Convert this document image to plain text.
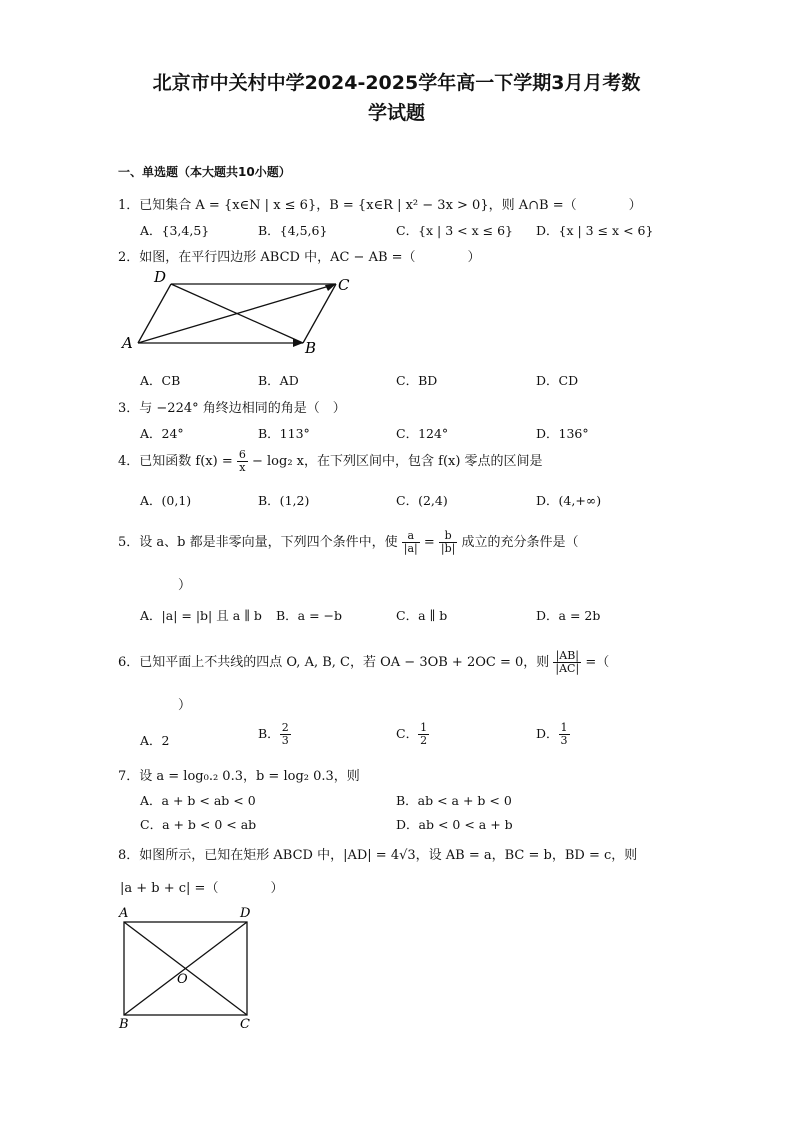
北京市中关村中学2024-2025学年高一下学期3月月考数
学试题
一、单选题（本大题共10小题）
1．已知集合 A = {x∈N | x ≤ 6}，B = {x∈R | x² − 3x > 0}，则 A∩B =（　　　　）
A．{3,4,5}	B．{4,5,6}	C．{x | 3 < x ≤ 6} D．{x | 3 ≤ x < 6}
2．如图，在平行四边形 ABCD 中，AC − AB =（　　　　）
D	C
A	B
A．CB	B．AD	C．BD	D．CD
3．与 −224° 角终边相同的角是（　）
A．24°	B．113°	C．124°	D．136°
4．已知函数 $f(x) = \frac{6}{x} - \log_2$ x，在下列区间中，包含 f(x) 零点的区间是
A．(0,1)	B．(1,2)	C．(2,4)	D．(4,+∞)
5．设 a、b 都是非零向量，下列四个条件中，使 $\frac{a}{|a|} = \frac{b}{|b|}$ 成立的充分条件是（
）
A．|a| = |b| 且 a ∥ b B．a = −b	C．a ∥ b	D．a = 2b
6．已知平面上不共线的四点 O, A, B, C，若 OA − 3OB + 2OC = 0，则 $\frac{|AB|}{|AC|}$ =（
）
A．2	B． $\frac{2}{3}$	C． $\frac{1}{2}$	D． $\frac{1}{3}$
7．设 a = log₀.₂ 0.3，b = log₂ 0.3，则
A．a + b < ab < 0	B．ab < a + b < 0
C．a + b < 0 < ab	D．ab < 0 < a + b
8．如图所示，已知在矩形 ABCD 中，|AD| = 4√3，设 AB = a，BC = b，BD = c，则
|a + b + c| =（　　　　）
A	D
O
B	C
